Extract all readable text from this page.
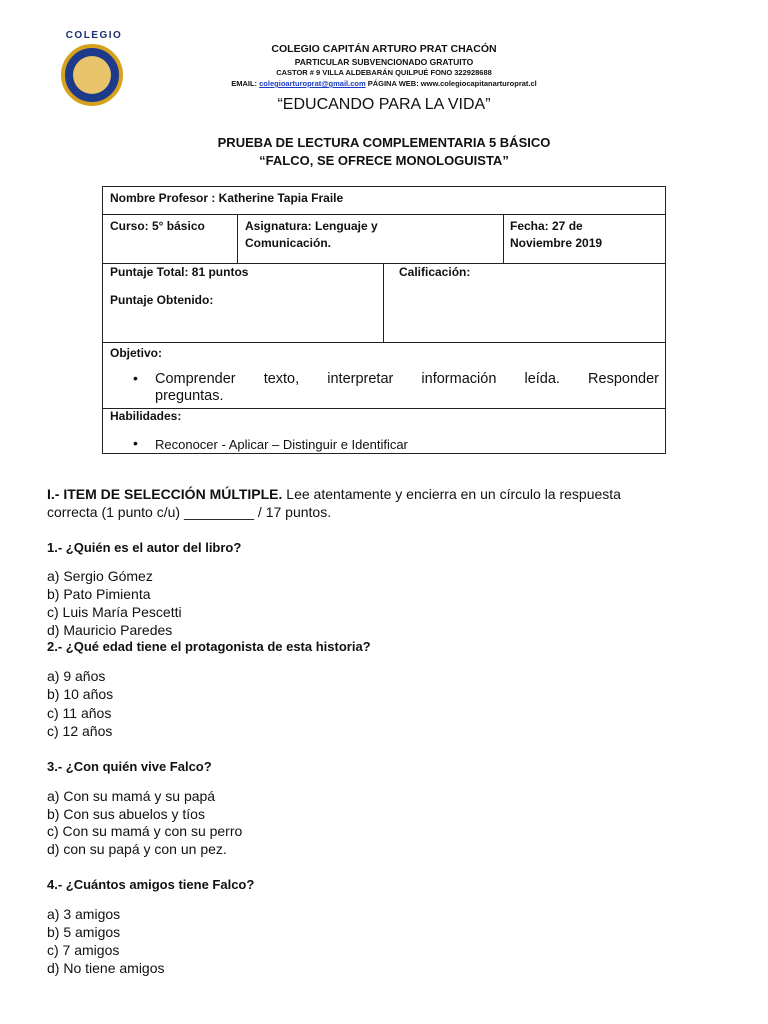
COLEGIO
COLEGIO CAPITÁN ARTURO PRAT CHACÓN
PARTICULAR SUBVENCIONADO GRATUITO
CASTOR # 9 VILLA ALDEBARÁN QUILPUÉ FONO 322928688
EMAIL: colegioarturoprat@gmail.com PÁGINA WEB: www.colegiocapitanarturoprat.cl
“EDUCANDO PARA LA VIDA”
PRUEBA DE LECTURA COMPLEMENTARIA 5 BÁSICO
“FALCO, SE OFRECE MONOLOGUISTA”
Nombre Profesor : Katherine Tapia Fraile
Curso: 5° básico	Asignatura: Lenguaje y
Comunicación.
Fecha: 27 de
Noviembre 2019
Puntaje Total: 81 puntos
Puntaje Obtenido:
Calificación:
Objetivo:
• Comprender texto, interpretar información leída. Responder
preguntas.
Habilidades:
• Reconocer - Aplicar – Distinguir e Identificar
I.- ITEM DE SELECCIÓN MÚLTIPLE. Lee atentamente y encierra en un círculo la respuesta
correcta (1 punto c/u) _________ / 17 puntos.
1.- ¿Quién es el autor del libro?
a) Sergio Gómez
b) Pato Pimienta
c) Luis María Pescetti
d) Mauricio Paredes
2.- ¿Qué edad tiene el protagonista de esta historia?
a) 9 años
b) 10 años
c) 11 años
c) 12 años
3.- ¿Con quién vive Falco?
a) Con su mamá y su papá
b) Con sus abuelos y tíos
c) Con su mamá y con su perro
d) con su papá y con un pez.
4.- ¿Cuántos amigos tiene Falco?
a) 3 amigos
b) 5 amigos
c) 7 amigos
d) No tiene amigos
